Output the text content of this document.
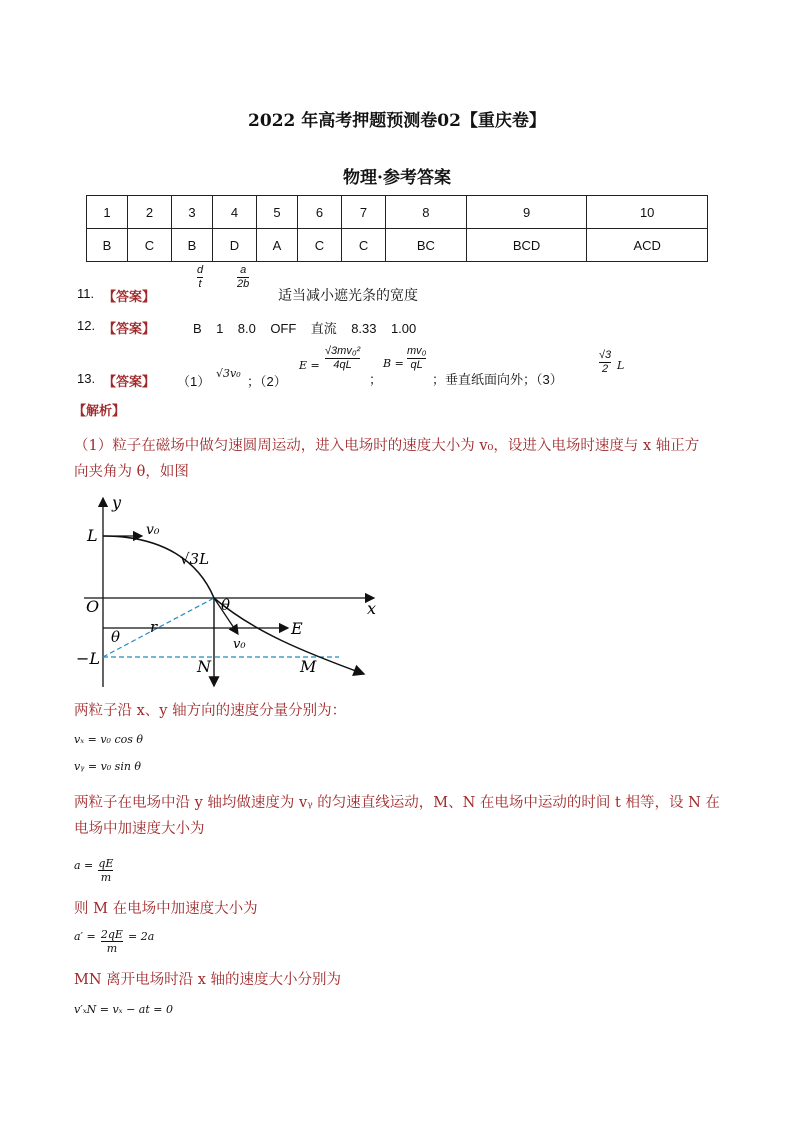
2022 年高考押题预测卷02【重庆卷】
物理·参考答案
1	2	3	4	5	6	7	8	9	10
B	C	B	D	A	C	C	BC	BCD	ACD
11. 【答案】
d
t
a
2b
适当减小遮光条的宽度
12. 【答案】	B    1    8.0    OFF    直流    8.33    1.00
13. 【答案】 （1）
√3v₀
；（2）
E =
√3mv₀²
4qL
；
B =
mv₀
qL
；垂直纸面向外；（3）
√3
2 L
【解析】
（1）粒子在磁场中做匀速圆周运动，进入电场时的速度大小为 v₀，设进入电场时速度与 x 轴正方
向夹角为 θ，如图
y
x
O
L
−L
v₀
√3L
θ
θ
r	E
v₀
N	M
两粒子沿 x、y 轴方向的速度分量分别为：
vₓ = v₀ cos θ
vᵧ = v₀ sin θ
两粒子在电场中沿 y 轴均做速度为 vᵧ 的匀速直线运动，M、N 在电场中运动的时间 t 相等，设 N 在
电场中加速度大小为
$^{a =} \frac{qE}{m}$
则 M 在电场中加速度大小为
$^{a' =} \frac{2qE}{m} ^{= 2a}$
MN 离开电场时沿 x 轴的速度大小分别为
v′ₓN = vₓ − at = 0
